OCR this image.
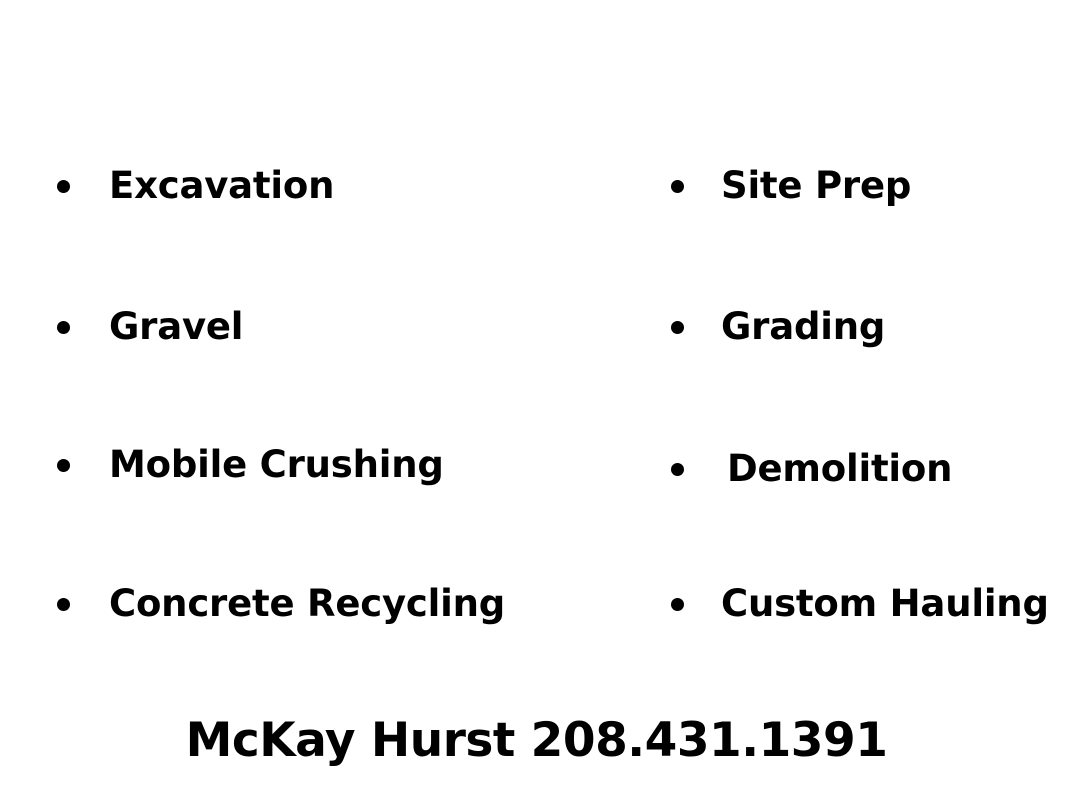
Excavation
Gravel
Mobile Crushing
Concrete Recycling
Site Prep
Grading
Demolition
Custom Hauling
McKay Hurst 208.431.1391
